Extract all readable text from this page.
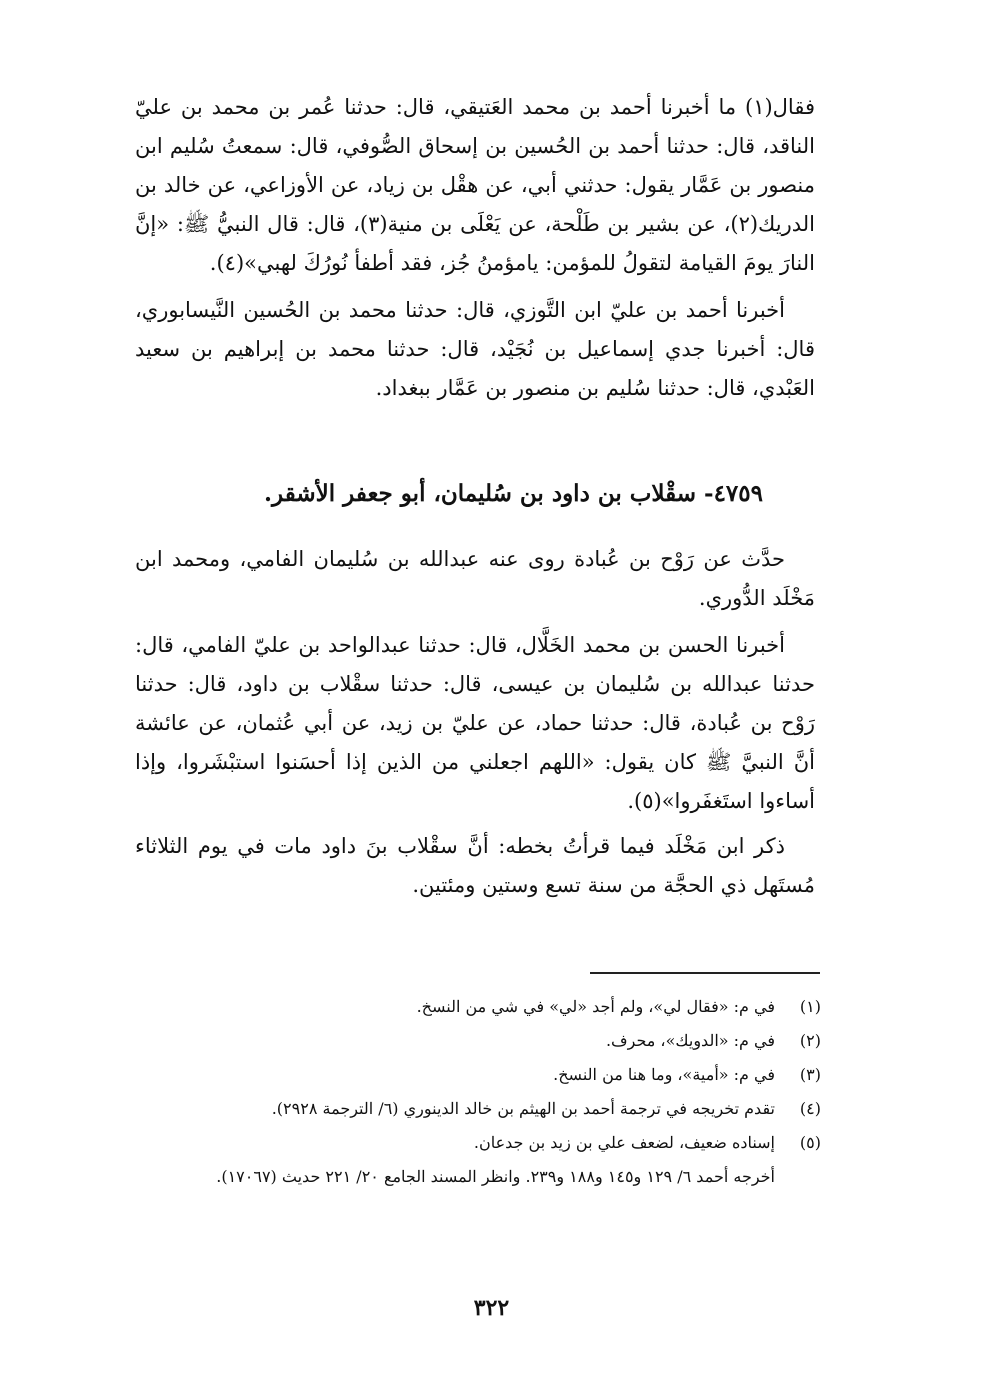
فقال(١) ما أخبرنا أحمد بن محمد العَتيقي، قال: حدثنا عُمر بن محمد بن عليّ الناقد، قال: حدثنا أحمد بن الحُسين بن إسحاق الصُّوفي، قال: سمعتُ سُليم ابن منصور بن عَمَّار يقول: حدثني أبي، عن هقْل بن زياد، عن الأوزاعي، عن خالد بن الدريك(٢)، عن بشير بن طَلْحة، عن يَعْلَى بن منية(٣)، قال: قال النبيُّ ﷺ: «إنَّ النارَ يومَ القيامة لتقولُ للمؤمن: يامؤمنُ جُز، فقد أطفأ نُورُكَ لهبي»(٤).

أخبرنا أحمد بن عليّ ابن التَّوزي، قال: حدثنا محمد بن الحُسين النَّيسابوري، قال: أخبرنا جدي إسماعيل بن نُجَيْد، قال: حدثنا محمد بن إبراهيم بن سعيد العَبْدي، قال: حدثنا سُليم بن منصور بن عَمَّار ببغداد.

٤٧٥٩- سقْلاب بن داود بن سُليمان، أبو جعفر الأشقر.

حدَّث عن رَوْح بن عُبادة روى عنه عبدالله بن سُليمان الفامي، ومحمد ابن مَخْلَد الدُّوري.

أخبرنا الحسن بن محمد الخَلَّال، قال: حدثنا عبدالواحد بن عليّ الفامي، قال: حدثنا عبدالله بن سُليمان بن عيسى، قال: حدثنا سقْلاب بن داود، قال: حدثنا رَوْح بن عُبادة، قال: حدثنا حماد، عن عليّ بن زيد، عن أبي عُثمان، عن عائشة أنَّ النبيَّ ﷺ كان يقول: «اللهم اجعلني من الذين إذا أحسَنوا استبْشَروا، وإذا أساءوا استَغفَروا»(٥).

ذكر ابن مَخْلَد فيما قرأتُ بخطه: أنَّ سقْلاب بنَ داود مات في يوم الثلاثاء مُستَهل ذي الحجَّة من سنة تسع وستين ومئتين.

(١)
في م: «فقال لي»، ولم أجد «لي» في شي من النسخ.
(٢)
في م: «الدويك»، محرف.
(٣)
في م: «أمية»، وما هنا من النسخ.
(٤)
تقدم تخريجه في ترجمة أحمد بن الهيثم بن خالد الدينوري (٦/ الترجمة ٢٩٢٨).
(٥)
إسناده ضعيف، لضعف علي بن زيد بن جدعان.
أخرجه أحمد ٦/ ١٢٩ و١٤٥ و١٨٨ و٢٣٩. وانظر المسند الجامع ٢٠/ ٢٢١ حديث (١٧٠٦٧).
٣٢٢
